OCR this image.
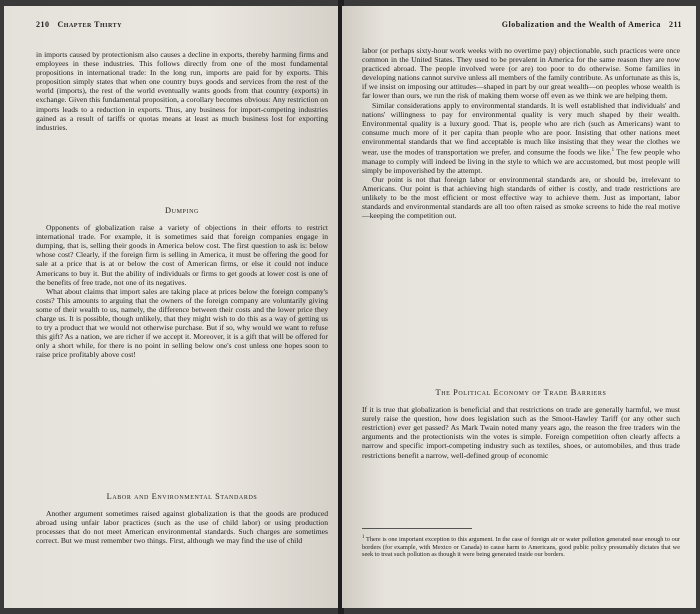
210 Chapter Thirty

in imports caused by protectionism also causes a decline in exports, thereby harming firms and employees in these industries. This follows directly from one of the most fundamental propositions in international trade: In the long run, imports are paid for by exports. This proposition simply states that when one country buys goods and services from the rest of the world (imports), the rest of the world eventually wants goods from that country (exports) in exchange. Given this fundamental proposition, a corollary becomes obvious: Any restriction on imports leads to a reduction in exports. Thus, any business for import-competing industries gained as a result of tariffs or quotas means at least as much business lost for exporting industries.

Dumping

Opponents of globalization raise a variety of objections in their efforts to restrict international trade. For example, it is sometimes said that foreign companies engage in dumping, that is, selling their goods in America below cost. The first question to ask is: below whose cost? Clearly, if the foreign firm is selling in America, it must be offering the good for sale at a price that is at or below the cost of American firms, or else it could not induce Americans to buy it. But the ability of individuals or firms to get goods at lower cost is one of the benefits of free trade, not one of its negatives.

What about claims that import sales are taking place at prices below the foreign company's costs? This amounts to arguing that the owners of the foreign company are voluntarily giving some of their wealth to us, namely, the difference between their costs and the lower price they charge us. It is possible, though unlikely, that they might wish to do this as a way of getting us to try a product that we would not otherwise purchase. But if so, why would we want to refuse this gift? As a nation, we are richer if we accept it. Moreover, it is a gift that will be offered for only a short while, for there is no point in selling below one's cost unless one hopes soon to raise price profitably above cost!

Labor and Environmental Standards

Another argument sometimes raised against globalization is that the goods are produced abroad using unfair labor practices (such as the use of child labor) or using production processes that do not meet American environmental standards. Such charges are sometimes correct. But we must remember two things. First, although we may find the use of child

Globalization and the Wealth of America 211

labor (or perhaps sixty-hour work weeks with no overtime pay) objectionable, such practices were once common in the United States. They used to be prevalent in America for the same reason they are now practiced abroad. The people involved were (or are) too poor to do otherwise. Some families in developing nations cannot survive unless all members of the family contribute. As unfortunate as this is, if we insist on imposing our attitudes—shaped in part by our great wealth—on peoples whose wealth is far lower than ours, we run the risk of making them worse off even as we think we are helping them.

Similar considerations apply to environmental standards. It is well established that individuals' and nations' willingness to pay for environmental quality is very much shaped by their wealth. Environmental quality is a luxury good. That is, people who are rich (such as Americans) want to consume much more of it per capita than people who are poor. Insisting that other nations meet environmental standards that we find acceptable is much like insisting that they wear the clothes we wear, use the modes of transportation we prefer, and consume the foods we like.$^1$ The few people who manage to comply will indeed be living in the style to which we are accustomed, but most people will simply be impoverished by the attempt.

Our point is not that foreign labor or environmental standards are, or should be, irrelevant to Americans. Our point is that achieving high standards of either is costly, and trade restrictions are unlikely to be the most efficient or most effective way to achieve them. Just as important, labor standards and environmental standards are all too often raised as smoke screens to hide the real motive—keeping the competition out.

The Political Economy of Trade Barriers

If it is true that globalization is beneficial and that restrictions on trade are generally harmful, we must surely raise the question, how does legislation such as the Smoot-Hawley Tariff (or any other such restriction) ever get passed? As Mark Twain noted many years ago, the reason the free traders win the arguments and the protectionists win the votes is simple. Foreign competition often clearly affects a narrow and specific import-competing industry such as textiles, shoes, or automobiles, and thus trade restrictions benefit a narrow, well-defined group of economic

$^1$ There is one important exception to this argument. In the case of foreign air or water pollution generated near enough to our borders (for example, with Mexico or Canada) to cause harm to Americans, good public policy presumably dictates that we seek to treat such pollution as though it were being generated inside our borders.
